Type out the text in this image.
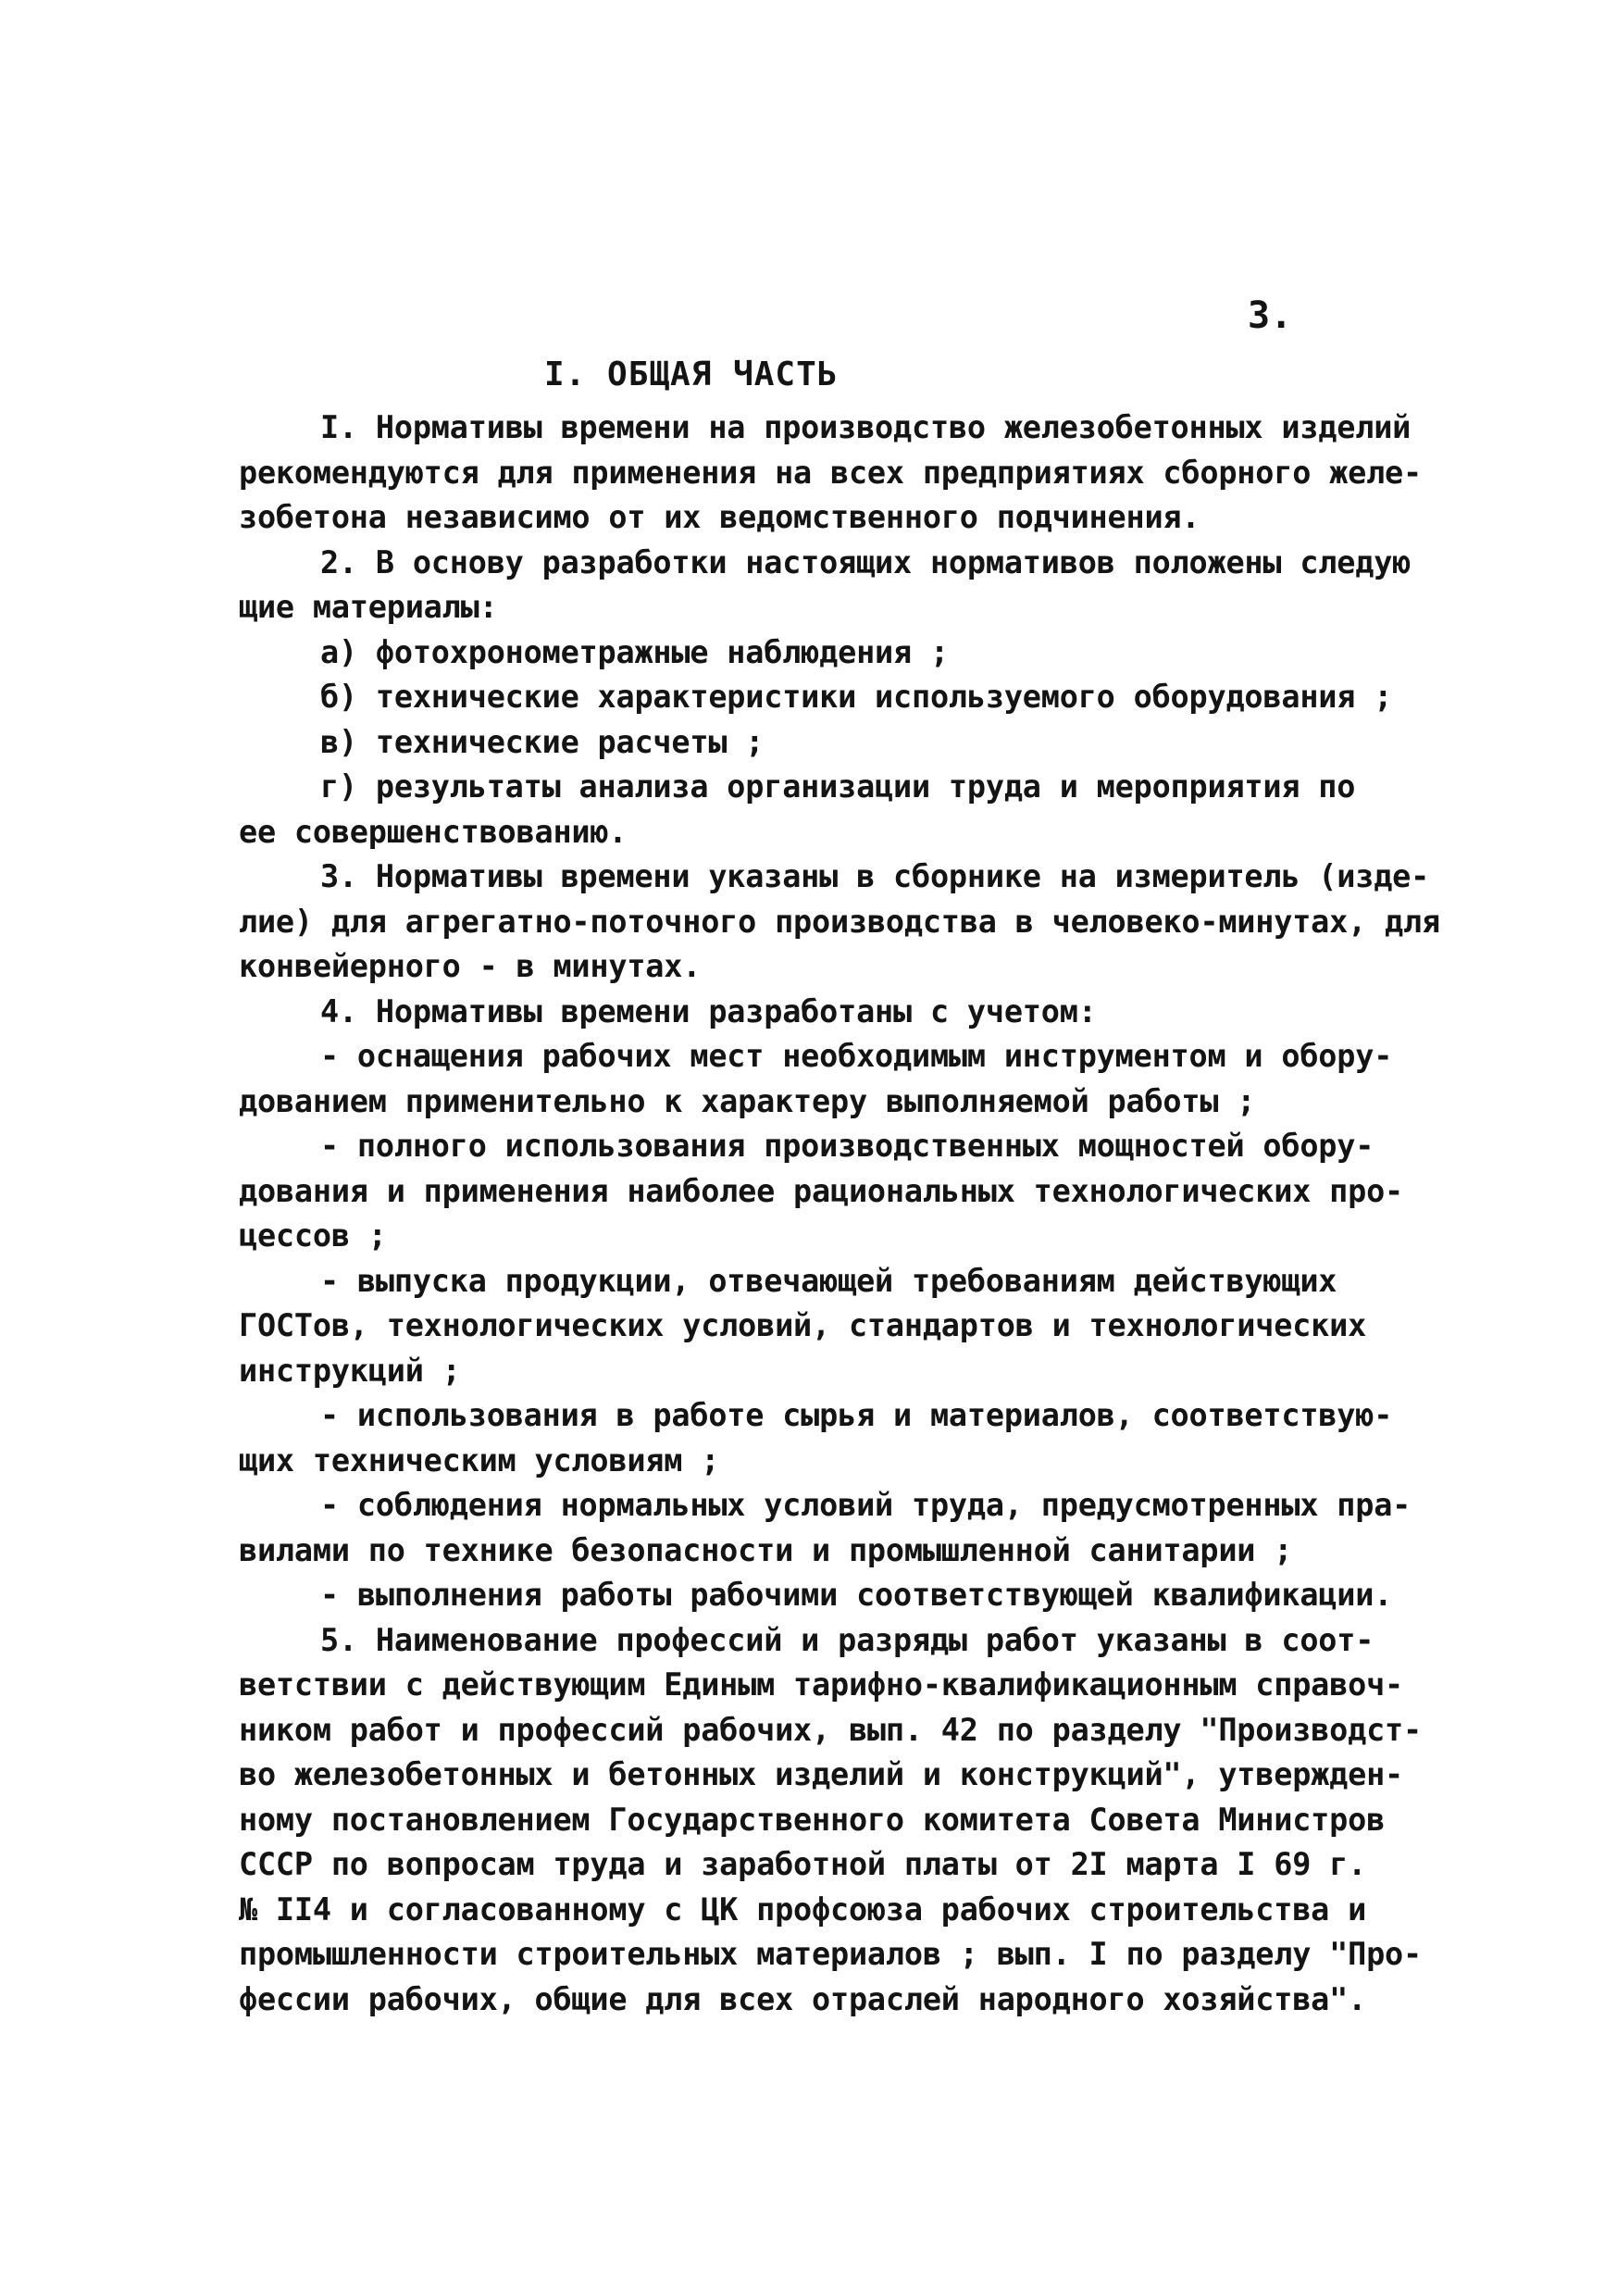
3.
I. ОБЩАЯ ЧАСТЬ
I. Нормативы времени на производство железобетонных изделий
рекомендуются для применения на всех предприятиях сборного желе-
зобетона независимо от их ведомственного подчинения.
2. В основу разработки настоящих нормативов положены следую
щие материалы:
а) фотохронометражные наблюдения ;
б) технические характеристики используемого оборудования ;
в) технические расчеты ;
г) результаты анализа организации труда и мероприятия по
ее совершенствованию.
3. Нормативы времени указаны в сборнике на измеритель (изде-
лие) для агрегатно-поточного производства в человеко-минутах, для
конвейерного - в минутах.
4. Нормативы времени разработаны с учетом:
- оснащения рабочих мест необходимым инструментом и обору-
дованием применительно к характеру выполняемой работы ;
- полного использования производственных мощностей обору-
дования и применения наиболее рациональных технологических про-
цессов ;
- выпуска продукции, отвечающей требованиям действующих
ГОСТов, технологических условий, стандартов и технологических
инструкций ;
- использования в работе сырья и материалов, соответствую-
щих техническим условиям ;
- соблюдения нормальных условий труда, предусмотренных пра-
вилами по технике безопасности и промышленной санитарии ;
- выполнения работы рабочими соответствующей квалификации.
5. Наименование профессий и разряды работ указаны в соот-
ветствии с действующим Единым тарифно-квалификационным справоч-
ником работ и профессий рабочих, вып. 42 по разделу "Производст-
во железобетонных и бетонных изделий и конструкций", утвержден-
ному постановлением Государственного комитета Совета Министров
СССР по вопросам труда и заработной платы от 2I марта I 69 г.
№ II4 и согласованному с ЦК профсоюза рабочих строительства и
промышленности строительных материалов ; вып. I по разделу "Про-
фессии рабочих, общие для всех отраслей народного хозяйства".
